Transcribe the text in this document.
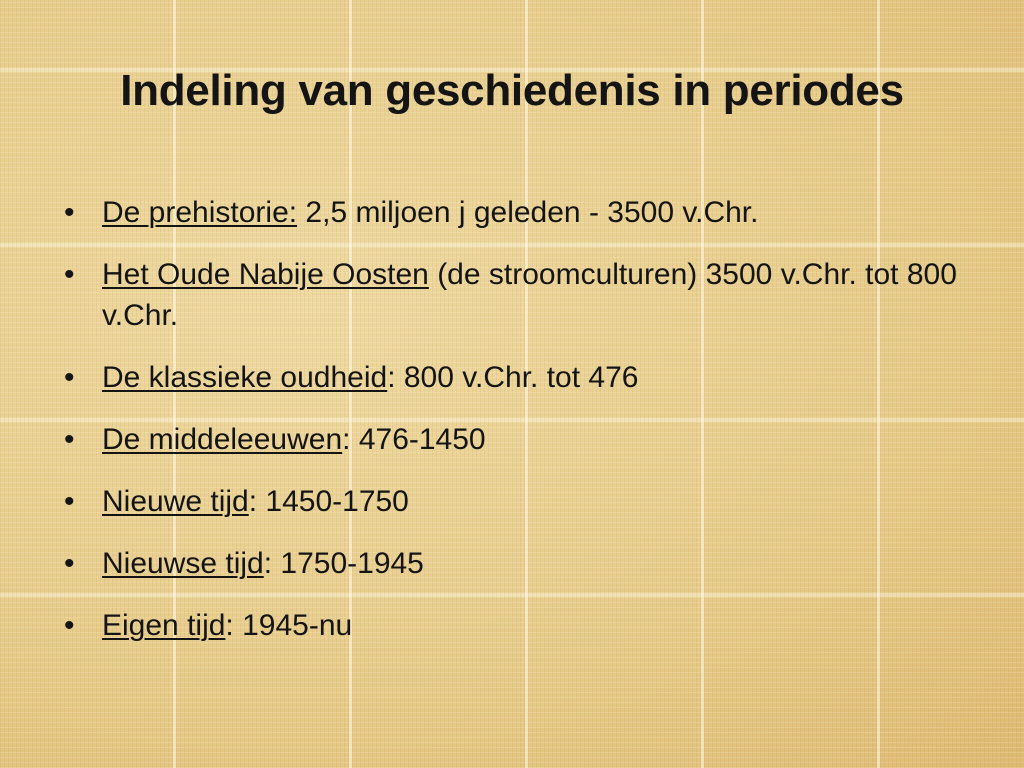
Indeling van geschiedenis in periodes
• De prehistorie: 2,5 miljoen j geleden - 3500 v.Chr.
• Het Oude Nabije Oosten (de stroomculturen) 3500 v.Chr. tot 800 v.Chr.
• De klassieke oudheid: 800 v.Chr. tot 476
• De middeleeuwen: 476-1450
• Nieuwe tijd: 1450-1750
• Nieuwse tijd: 1750-1945
• Eigen tijd: 1945-nu
